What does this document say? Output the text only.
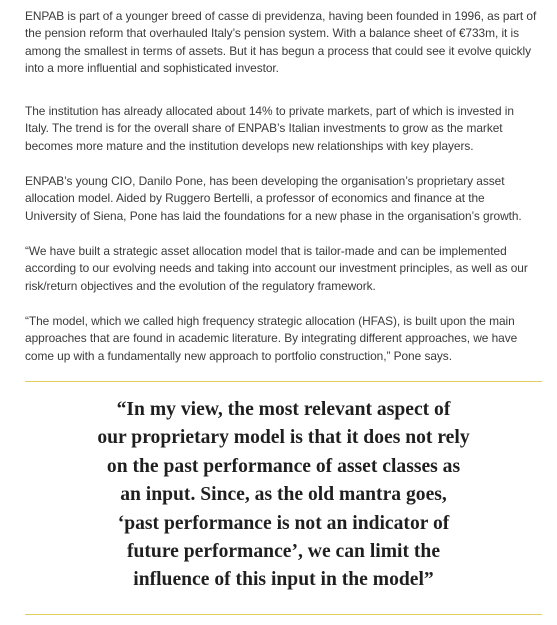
ENPAB is part of a younger breed of casse di previdenza, having been founded in 1996, as part of
the pension reform that overhauled Italy’s pension system. With a balance sheet of €733m, it is
among the smallest in terms of assets. But it has begun a process that could see it evolve quickly
into a more influential and sophisticated investor.

The institution has already allocated about 14% to private markets, part of which is invested in
Italy. The trend is for the overall share of ENPAB’s Italian investments to grow as the market
becomes more mature and the institution develops new relationships with key players.

ENPAB’s young CIO, Danilo Pone, has been developing the organisation’s proprietary asset
allocation model. Aided by Ruggero Bertelli, a professor of economics and finance at the
University of Siena, Pone has laid the foundations for a new phase in the organisation’s growth.

“We have built a strategic asset allocation model that is tailor-made and can be implemented
according to our evolving needs and taking into account our investment principles, as well as our
risk/return objectives and the evolution of the regulatory framework.

“The model, which we called high frequency strategic allocation (HFAS), is built upon the main
approaches that are found in academic literature. By integrating different approaches, we have
come up with a fundamentally new approach to portfolio construction,” Pone says.

“In my view, the most relevant aspect of
our proprietary model is that it does not rely
on the past performance of asset classes as
an input. Since, as the old mantra goes,
‘past performance is not an indicator of
future performance’, we can limit the
influence of this input in the model”
